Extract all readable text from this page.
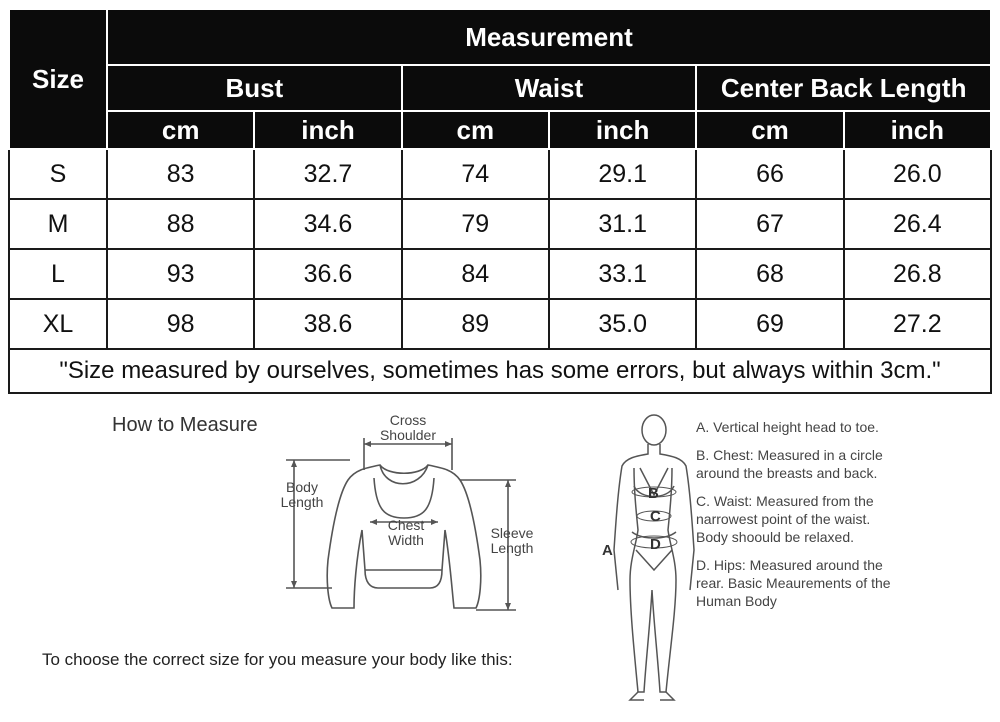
Size	Measurement					
	Bust		Waist		Center Back Length	
	cm	inch	cm	inch	cm	inch
S	83	32.7	74	29.1	66	26.0
M	88	34.6	79	31.1	67	26.4
L	93	36.6	84	33.1	68	26.8
XL	98	38.6	89	35.0	69	27.2
"Size measured by ourselves, sometimes has some errors, but always within 3cm."						
How to Measure	Cross Shoulder
Body Length
Chest Width	Sleeve Length
To choose the correct size for you measure your body like this:
B
C
D
A
A. Vertical height head to toe.
B. Chest: Measured in a circle around the breasts and back.
C. Waist: Measured from the narrowest point of the waist. Body shoould be relaxed.
D. Hips: Measured around the rear. Basic Meaurements of the Human Body
